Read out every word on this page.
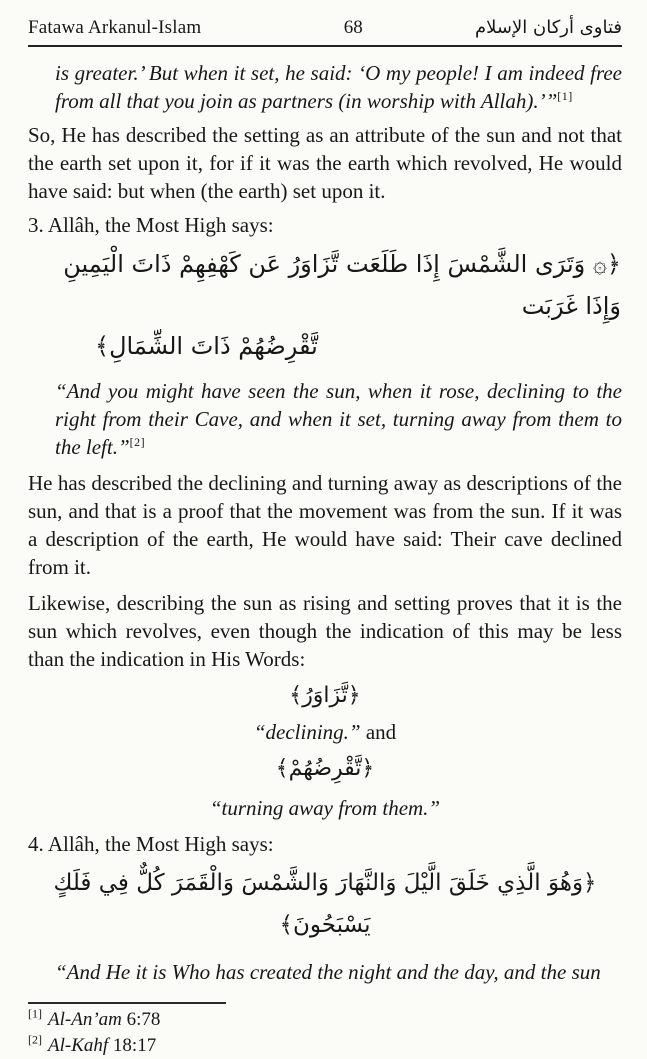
Fatawa Arkanul-Islam	68	فتاوى أركان الإسلام
is greater.’ But when it set, he said: ‘O my people! I am indeed free from all that you join as partners (in worship with Allah).’”[1]
So, He has described the setting as an attribute of the sun and not that the earth set upon it, for if it was the earth which revolved, He would have said: but when (the earth) set upon it.
3. Allâh, the Most High says:
﴿۞ وَتَرَى الشَّمْسَ إِذَا طَلَعَت تَّزَاوَرُ عَن كَهْفِهِمْ ذَاتَ الْيَمِينِ وَإِذَا غَرَبَت
تَّقْرِضُهُمْ ذَاتَ الشِّمَالِ﴾
“And you might have seen the sun, when it rose, declining to the right from their Cave, and when it set, turning away from them to the left.”[2]
He has described the declining and turning away as descriptions of the sun, and that is a proof that the movement was from the sun. If it was a description of the earth, He would have said: Their cave declined from it.
Likewise, describing the sun as rising and setting proves that it is the sun which revolves, even though the indication of this may be less than the indication in His Words:
﴿تَّزَاوَرُ﴾
“declining.” and
﴿تَّقْرِضُهُمْ﴾
“turning away from them.”
4. Allâh, the Most High says:
﴿وَهُوَ الَّذِي خَلَقَ الَّيْلَ وَالنَّهَارَ وَالشَّمْسَ وَالْقَمَرَ كُلٌّ فِي فَلَكٍ يَسْبَحُونَ﴾
“And He it is Who has created the night and the day, and the sun
[1] Al-An’am 6:78
[2] Al-Kahf 18:17
